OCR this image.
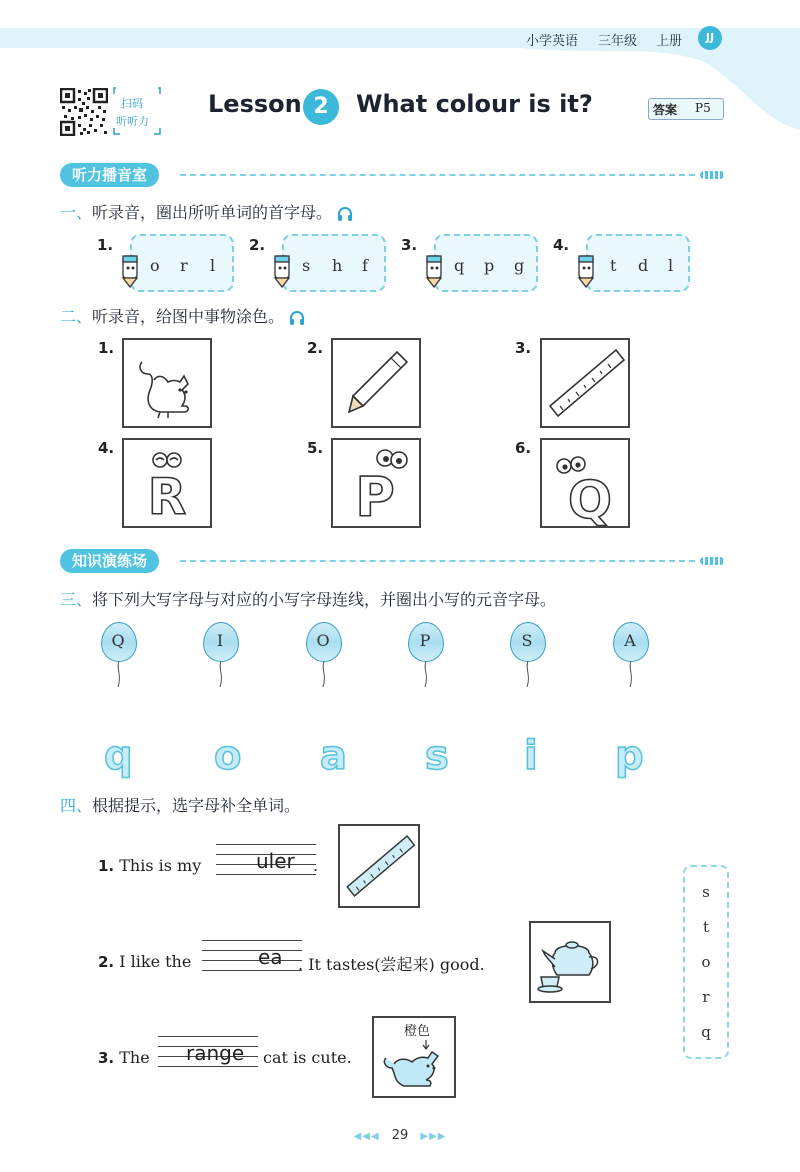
小学英语 三年级 上册	JJ
扫码
听听力
Lesson 2	What colour is it?	答案 P5
听力播音室
一、听录音，圈出所听单词的首字母。
1.
o r l
2.
s h f
3.
q p g
4.
t d l
二、听录音，给图中事物涂色。
1.	2.	3.
4.
R
5.
P
6.
Q
知识演练场
三、将下列大写字母与对应的小写字母连线，并圈出小写的元音字母。
Q	I	O	P	S	A
q o a s i p
四、根据提示，选字母补全单词。
1. This is my	uler .
2. I like the	ea . It tastes(尝起来) good.
3. The range cat is cute.
橙色
s
t
o
r
q
◀◀◀ 29 ▶▶▶
